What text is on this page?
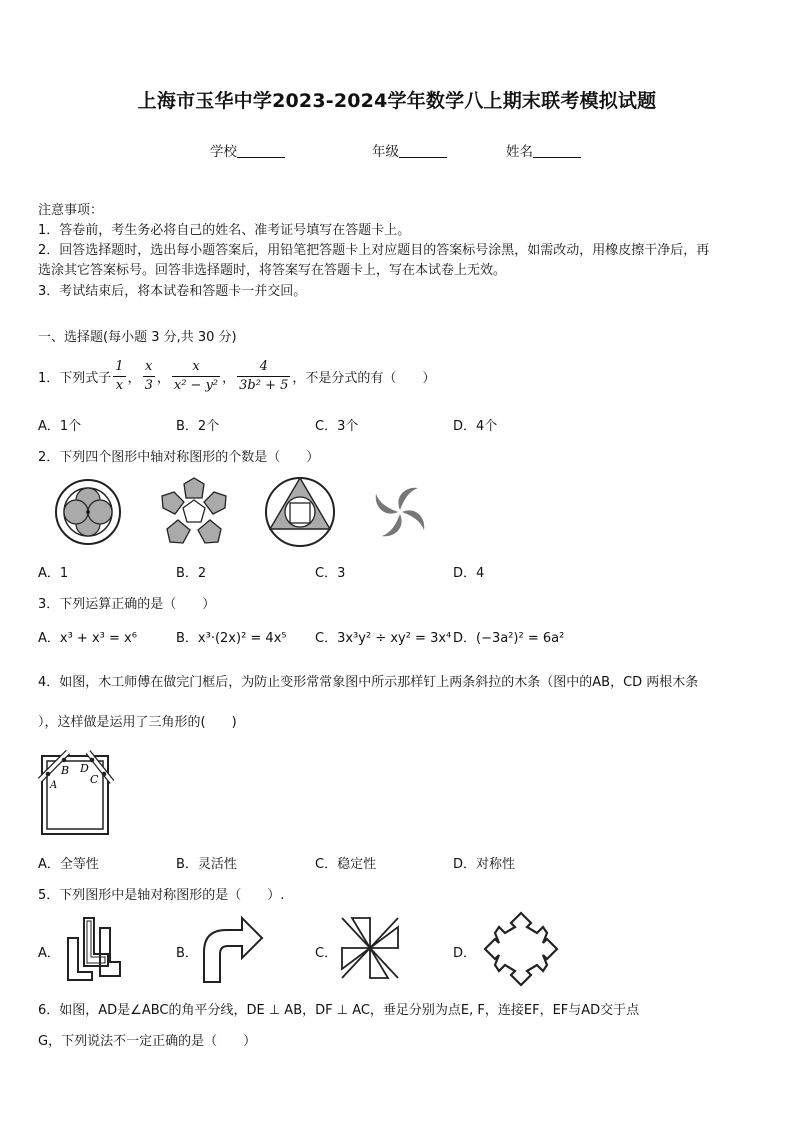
上海市玉华中学2023-2024学年数学八上期末联考模拟试题
学校	年级	姓名

注意事项：

1．答卷前，考生务必将自己的姓名、准考证号填写在答题卡上。

2．回答选择题时，选出每小题答案后，用铅笔把答题卡上对应题目的答案标号涂黑，如需改动，用橡皮擦干净后，再

选涂其它答案标号。回答非选择题时，将答案写在答题卡上，写在本试卷上无效。

3．考试结束后，将本试卷和答题卡一并交回。

一、选择题(每小题 3 分,共 30 分)
1．下列式子 $\frac{1}{x}$ ， $\frac{x}{3}$ ， $\frac{x}{\text{x² − y²}}$ ， $\frac{4}{\text{3b² + 5}}$ ，不是分式的有（　　）
A．1个	B．2个	C．3个	D．4个
2．下列四个图形中轴对称图形的个数是（　　）
A．1	B．2	C．3	D．4
3．下列运算正确的是（　　）
A．x³ + x³ = x⁶	B．x³·(2x)² = 4x⁵ C．3x³y² ÷ xy² = 3x⁴ D．(−3a²)² = 6a²
4．如图，木工师傅在做完门框后，为防止变形常常象图中所示那样钉上两条斜拉的木条（图中的AB，CD 两根木条
），这样做是运用了三角形的(　　)
A
B
C
D
A．全等性	B．灵活性	C．稳定性	D．对称性
5．下列图形中是轴对称图形的是（　　）.
A．	B．	C．	D．
6．如图，AD是∠ABC的角平分线，DE ⊥ AB，DF ⊥ AC，垂足分别为点E, F，连接EF，EF与AD交于点
G，下列说法不一定正确的是（　　）
